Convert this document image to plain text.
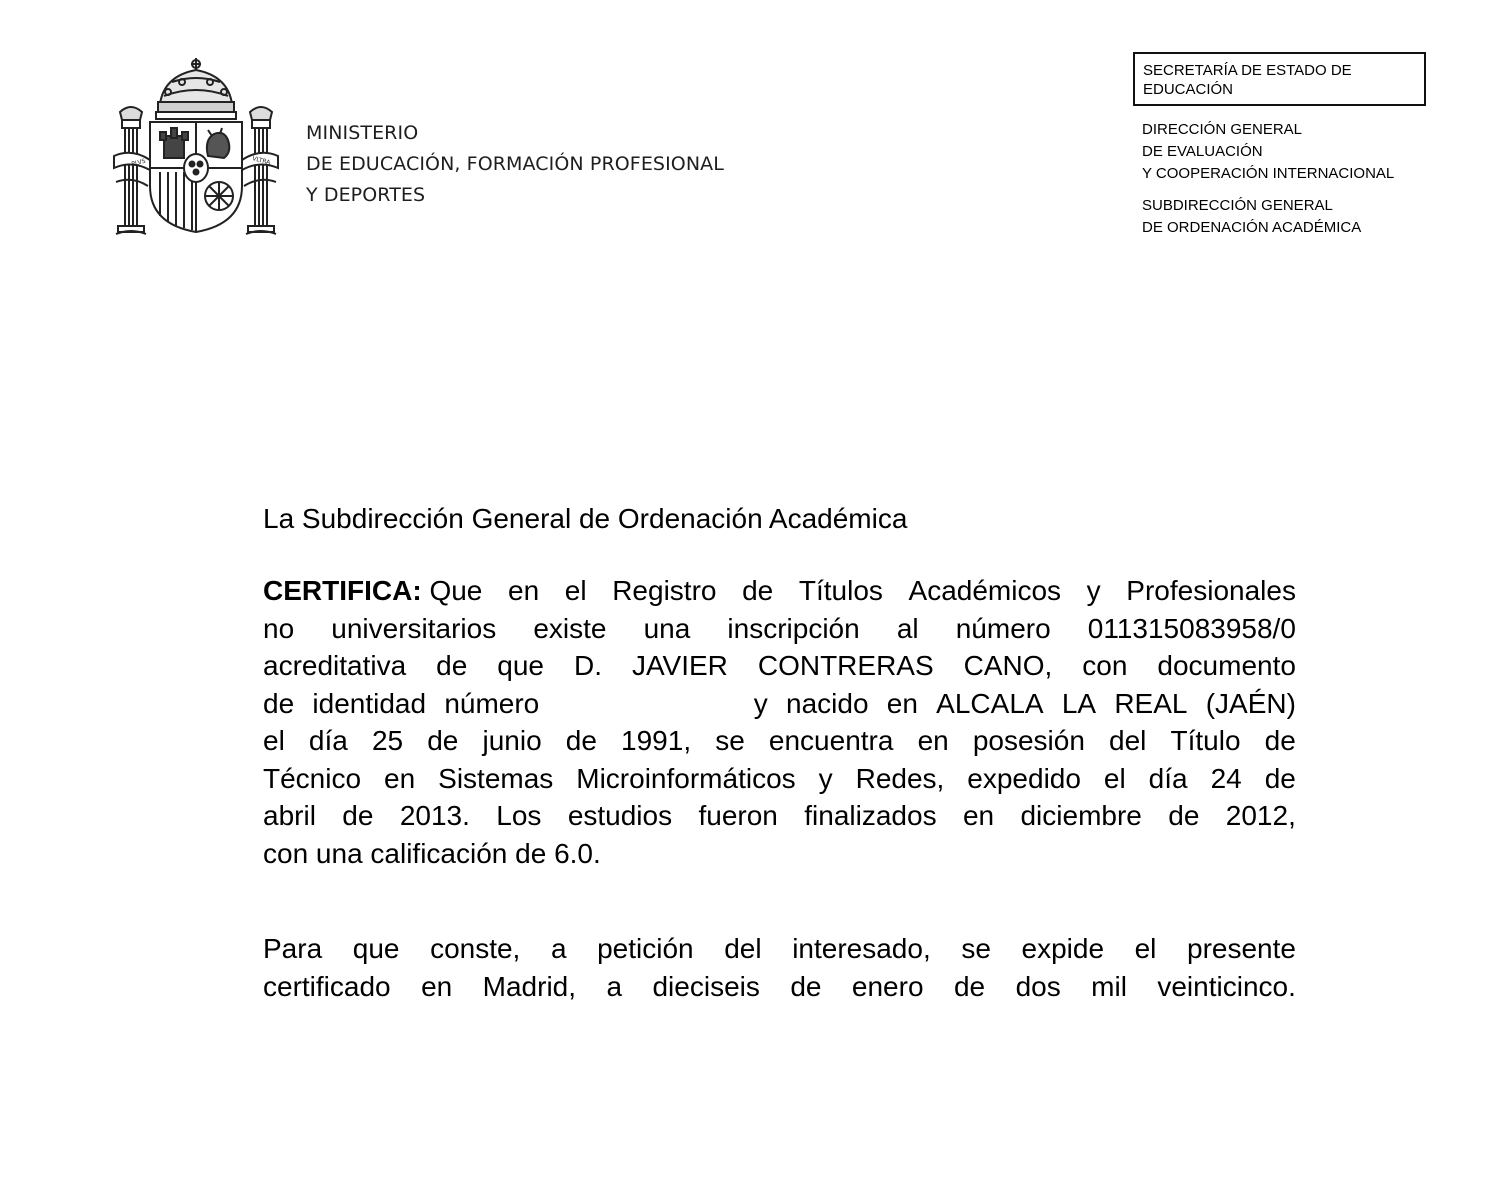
PLVS	VLTRA
MINISTERIO
DE EDUCACIÓN, FORMACIÓN PROFESIONAL
Y DEPORTES
SECRETARÍA DE ESTADO DE
EDUCACIÓN
DIRECCIÓN GENERAL
DE EVALUACIÓN
Y COOPERACIÓN INTERNACIONAL
SUBDIRECCIÓN GENERAL
DE ORDENACIÓN ACADÉMICA
La Subdirección General de Ordenación Académica
CERTIFICA: Que en el Registro de Títulos Académicos y Profesionales
no universitarios existe una inscripción al número 011315083958/0
acreditativa de que D. JAVIER CONTRERAS CANO, con documento
de identidad número	y nacido en ALCALA LA REAL (JAÉN)
el día 25 de junio de 1991, se encuentra en posesión del Título de
Técnico en Sistemas Microinformáticos y Redes, expedido el día 24 de
abril de 2013. Los estudios fueron finalizados en diciembre de 2012,
con una calificación de 6.0.
Para que conste, a petición del interesado, se expide el presente
certificado en Madrid, a dieciseis de enero de dos mil veinticinco.
